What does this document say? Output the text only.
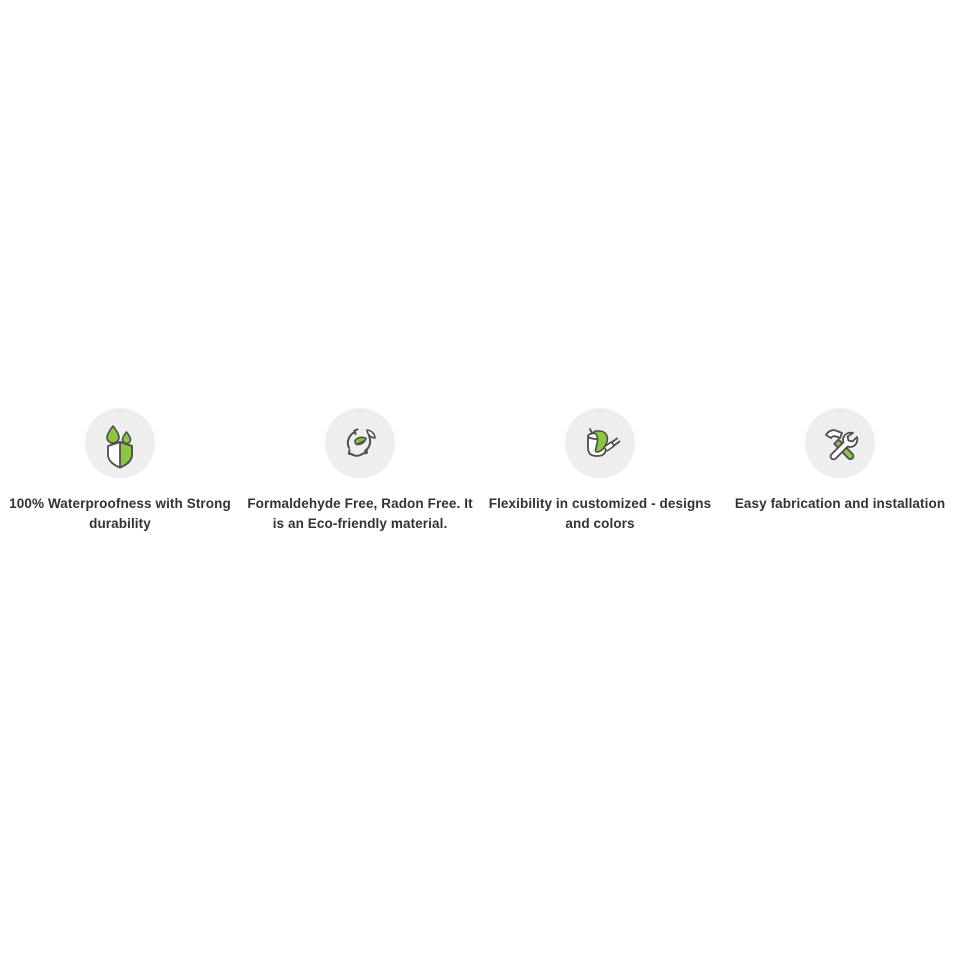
100% Waterproofness with Strong durability
Formaldehyde Free, Radon Free. It is an Eco-friendly material.
Flexibility in customized - designs and colors
Easy fabrication and installation
